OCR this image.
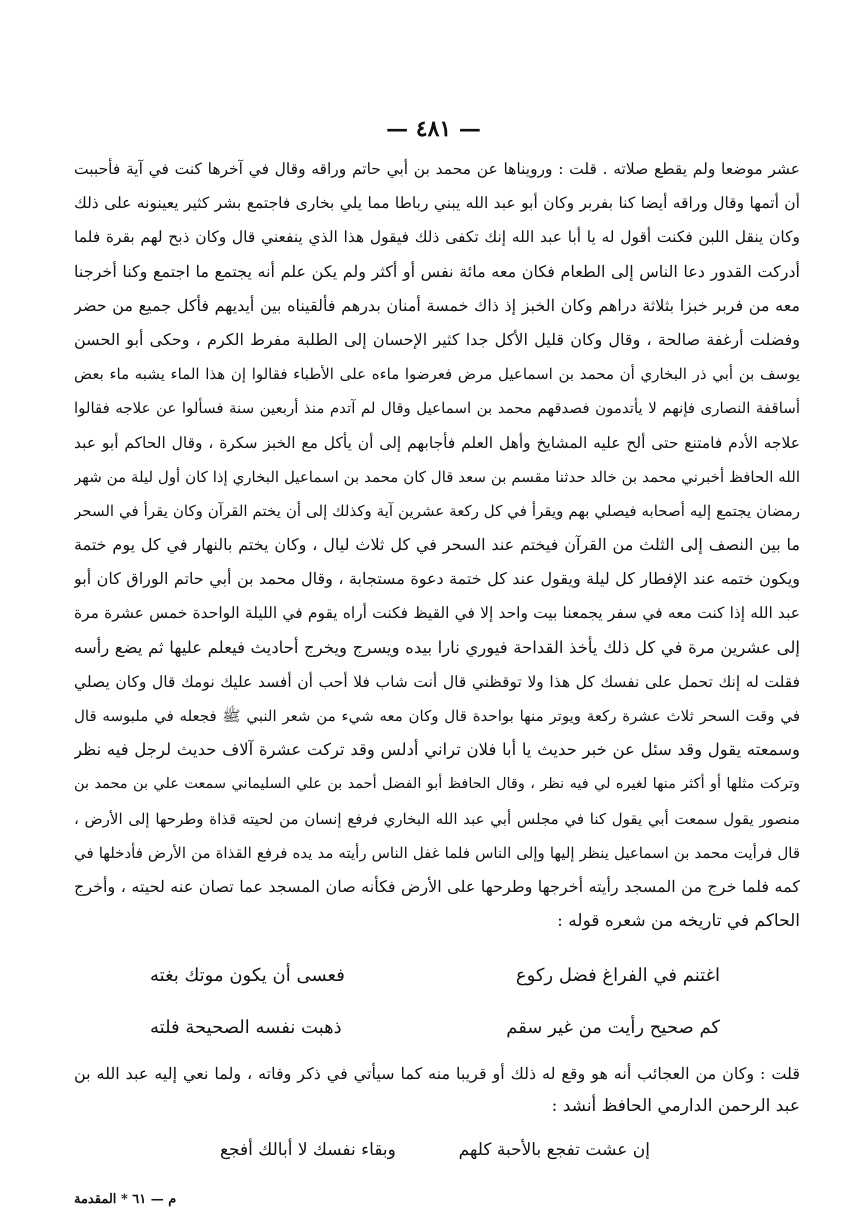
— ٤٨١ —
عشر موضعا ولم يقطع صلاته . قلت : ورويناها عن محمد بن أبي حاتم وراقه وقال في آخرها كنت في آية فأحببت
أن أتمها وقال وراقه أيضا كنا بفربر وكان أبو عبد الله يبني رباطا مما يلي بخارى فاجتمع بشر كثير يعينونه على ذلك
وكان ينقل اللبن فكنت أقول له يا أبا عبد الله إنك تكفى ذلك فيقول هذا الذي ينفعني قال وكان ذبح لهم بقرة فلما
أدركت القدور دعا الناس إلى الطعام فكان معه مائة نفس أو أكثر ولم يكن علم أنه يجتمع ما اجتمع وكنا أخرجنا
معه من فربر خبزا بثلاثة دراهم وكان الخبز إذ ذاك خمسة أمنان بدرهم فألقيناه بين أيديهم فأكل جميع من حضر
وفضلت أرغفة صالحة ، وقال وكان قليل الأكل جدا كثير الإحسان إلى الطلبة مفرط الكرم ، وحكى أبو الحسن
يوسف بن أبي ذر البخاري أن محمد بن اسماعيل مرض فعرضوا ماءه على الأطباء فقالوا إن هذا الماء يشبه ماء بعض
أساقفة النصارى فإنهم لا يأتدمون فصدقهم محمد بن اسماعيل وقال لم آتدم منذ أربعين سنة فسألوا عن علاجه فقالوا
علاجه الأدم فامتنع حتى ألح عليه المشايخ وأهل العلم فأجابهم إلى أن يأكل مع الخبز سكرة ، وقال الحاكم أبو عبد
الله الحافظ أخبرني محمد بن خالد حدثنا مقسم بن سعد قال كان محمد بن اسماعيل البخاري إذا كان أول ليلة من شهر
رمضان يجتمع إليه أصحابه فيصلي بهم ويقرأ في كل ركعة عشرين آية وكذلك إلى أن يختم القرآن وكان يقرأ في السحر
ما بين النصف إلى الثلث من القرآن فيختم عند السحر في كل ثلاث ليال ، وكان يختم بالنهار في كل يوم ختمة
ويكون ختمه عند الإفطار كل ليلة ويقول عند كل ختمة دعوة مستجابة ، وقال محمد بن أبي حاتم الوراق كان أبو
عبد الله إذا كنت معه في سفر يجمعنا بيت واحد إلا في القيظ فكنت أراه يقوم في الليلة الواحدة خمس عشرة مرة
إلى عشرين مرة في كل ذلك يأخذ القداحة فيوري نارا بيده ويسرج ويخرج أحاديث فيعلم عليها ثم يضع رأسه
فقلت له إنك تحمل على نفسك كل هذا ولا توقظني قال أنت شاب فلا أحب أن أفسد عليك نومك قال وكان يصلي
في وقت السحر ثلاث عشرة ركعة ويوتر منها بواحدة قال وكان معه شيء من شعر النبي ﷺ فجعله في ملبوسه قال
وسمعته يقول وقد سئل عن خبر حديث يا أبا فلان تراني أدلس وقد تركت عشرة آلاف حديث لرجل فيه نظر
وتركت مثلها أو أكثر منها لغيره لي فيه نظر ، وقال الحافظ أبو الفضل أحمد بن علي السليماني سمعت علي بن محمد بن
منصور يقول سمعت أبي يقول كنا في مجلس أبي عبد الله البخاري فرفع إنسان من لحيته قذاة وطرحها إلى الأرض ،
قال فرأيت محمد بن اسماعيل ينظر إليها وإلى الناس فلما غفل الناس رأيته مد يده فرفع القذاة من الأرض فأدخلها في
كمه فلما خرج من المسجد رأيته أخرجها وطرحها على الأرض فكأنه صان المسجد عما تصان عنه لحيته ، وأخرج
الحاكم في تاريخه من شعره قوله :
اغتنم في الفراغ فضل ركوع
فعسى أن يكون موتك بغته
كم صحيح رأيت من غير سقم
ذهبت نفسه الصحيحة فلته
قلت : وكان من العجائب أنه هو وقع له ذلك أو قريبا منه كما سيأتي في ذكر وفاته ، ولما نعي إليه عبد الله بن
عبد الرحمن الدارمي الحافظ أنشد :
إن عشت تفجع بالأحبة كلهم
وبقاء نفسك لا أبالك أفجع
م — ٦١ * المقدمة
